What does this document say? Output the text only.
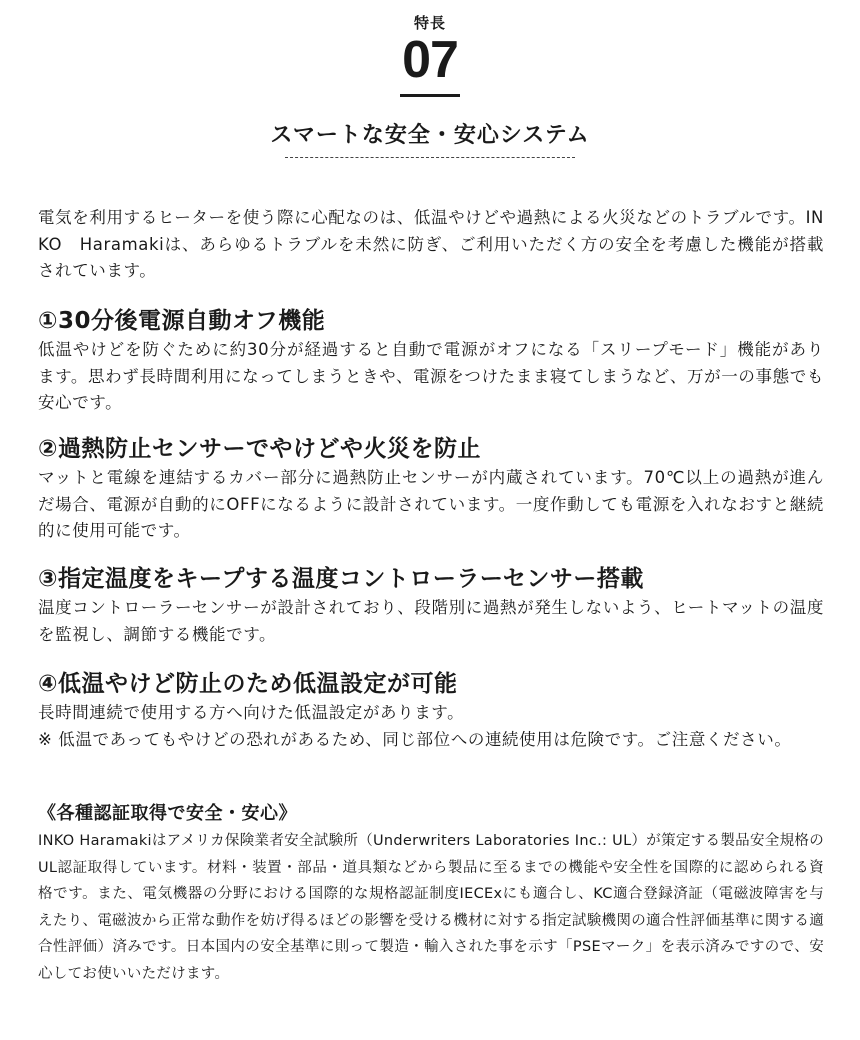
特長
07
スマートな安全・安心システム

電気を利用するヒーターを使う際に心配なのは、低温やけどや過熱による火災などのトラブルです。INKO　Haramakiは、あらゆるトラブルを未然に防ぎ、ご利用いただく方の安全を考慮した機能が搭載されています。

①30分後電源自動オフ機能

低温やけどを防ぐために約30分が経過すると自動で電源がオフになる「スリープモード」機能があります。思わず長時間利用になってしまうときや、電源をつけたまま寝てしまうなど、万が一の事態でも安心です。

②過熱防止センサーでやけどや火災を防止

マットと電線を連結するカバー部分に過熱防止センサーが内蔵されています。70℃以上の過熱が進んだ場合、電源が自動的にOFFになるように設計されています。一度作動しても電源を入れなおすと継続的に使用可能です。

③指定温度をキープする温度コントローラーセンサー搭載

温度コントローラーセンサーが設計されており、段階別に過熱が発生しないよう、ヒートマットの温度を監視し、調節する機能です。

④低温やけど防止のため低温設定が可能

長時間連続で使用する方へ向けた低温設定があります。

※ 低温であってもやけどの恐れがあるため、同じ部位への連続使用は危険です。ご注意ください。

《各種認証取得で安全・安心》

INKO Haramakiはアメリカ保険業者安全試験所（Underwriters Laboratories Inc.: UL）が策定する製品安全規格のUL認証取得しています。材料・装置・部品・道具類などから製品に至るまでの機能や安全性を国際的に認められる資格です。また、電気機器の分野における国際的な規格認証制度IECExにも適合し、KC適合登録済証（電磁波障害を与えたり、電磁波から正常な動作を妨げ得るほどの影響を受ける機材に対する指定試験機関の適合性評価基準に関する適合性評価）済みです。日本国内の安全基準に則って製造・輸入された事を示す「PSEマーク」を表示済みですので、安心してお使いいただけます。
